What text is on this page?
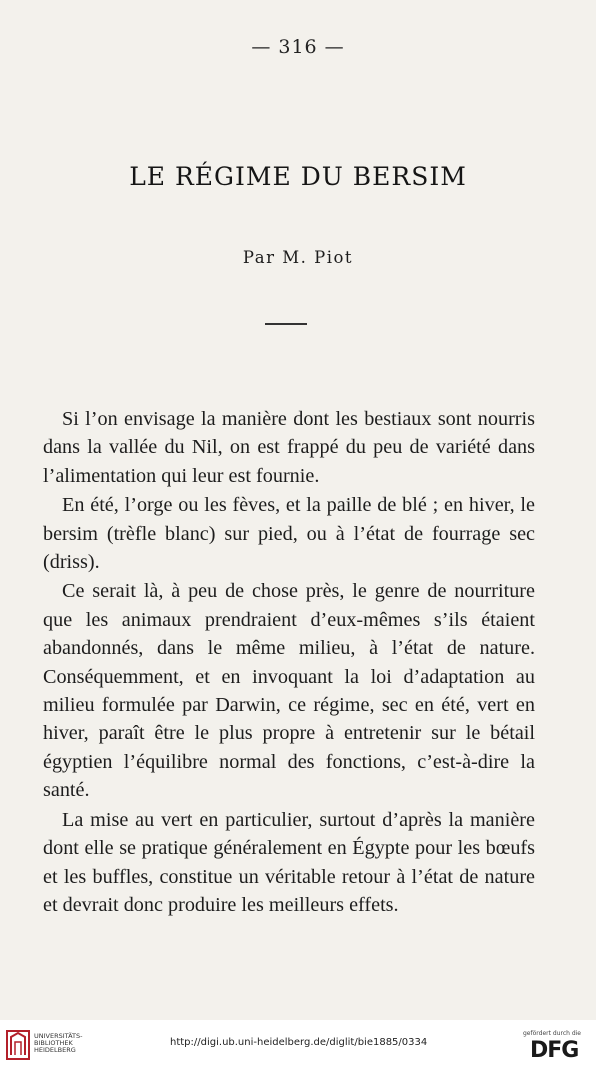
— 316 —
LE RÉGIME DU BERSIM
Par M. Piot

Si l’on envisage la manière dont les bestiaux sont nourris dans la vallée du Nil, on est frappé du peu de variété dans l’alimentation qui leur est fournie.

En été, l’orge ou les fèves, et la paille de blé ; en hiver, le bersim (trèfle blanc) sur pied, ou à l’état de fourrage sec (driss).

Ce serait là, à peu de chose près, le genre de nourriture que les animaux prendraient d’eux-mêmes s’ils étaient abandonnés, dans le même milieu, à l’état de nature. Conséquemment, et en invoquant la loi d’adaptation au milieu formulée par Darwin, ce régime, sec en été, vert en hiver, paraît être le plus propre à entretenir sur le bétail égyptien l’équilibre normal des fonctions, c’est-à-dire la santé.

La mise au vert en particulier, surtout d’après la manière dont elle se pratique généralement en Égypte pour les bœufs et les buffles, constitue un véritable retour à l’état de nature et devrait donc produire les meilleurs effets.

UNIVERSITÄTS-
BIBLIOTHEK
HEIDELBERG
http://digi.ub.uni-heidelberg.de/diglit/bie1885/0334
gefördert durch die
DFG
